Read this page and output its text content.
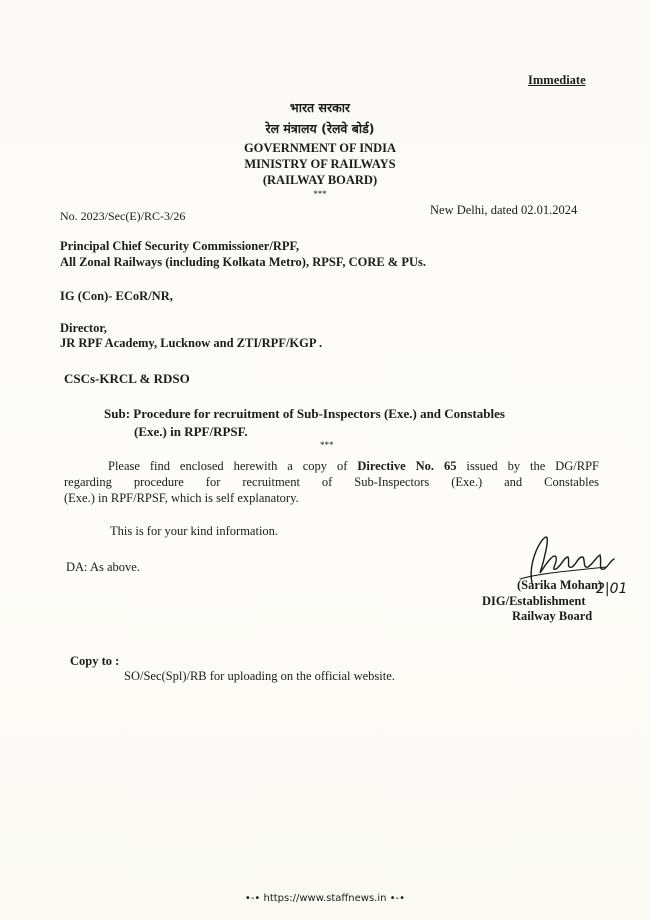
Immediate
भारत सरकार
रेल मंत्रालय (रेलवे बोर्ड)
GOVERNMENT OF INDIA
MINISTRY OF RAILWAYS
(RAILWAY BOARD)
***
No. 2023/Sec(E)/RC-3/26	New Delhi, dated 02.01.2024
Principal Chief Security Commissioner/RPF,
All Zonal Railways (including Kolkata Metro), RPSF, CORE & PUs.
IG (Con)- ECoR/NR,
Director,
JR RPF Academy, Lucknow and ZTI/RPF/KGP .
CSCs-KRCL & RDSO
Sub: Procedure for recruitment of Sub-Inspectors (Exe.) and Constables
(Exe.) in RPF/RPSF.
***
Please find enclosed herewith a copy of Directive No. 65 issued by the DG/RPF
regarding procedure for recruitment of Sub-Inspectors (Exe.) and Constables
(Exe.) in RPF/RPSF, which is self explanatory.
This is for your kind information.
DA: As above.
2|01
(Sarika Mohan)
DIG/Establishment
Railway Board
Copy to :
SO/Sec(Spl)/RB for uploading on the official website.
•-• https://www.staffnews.in •-•
